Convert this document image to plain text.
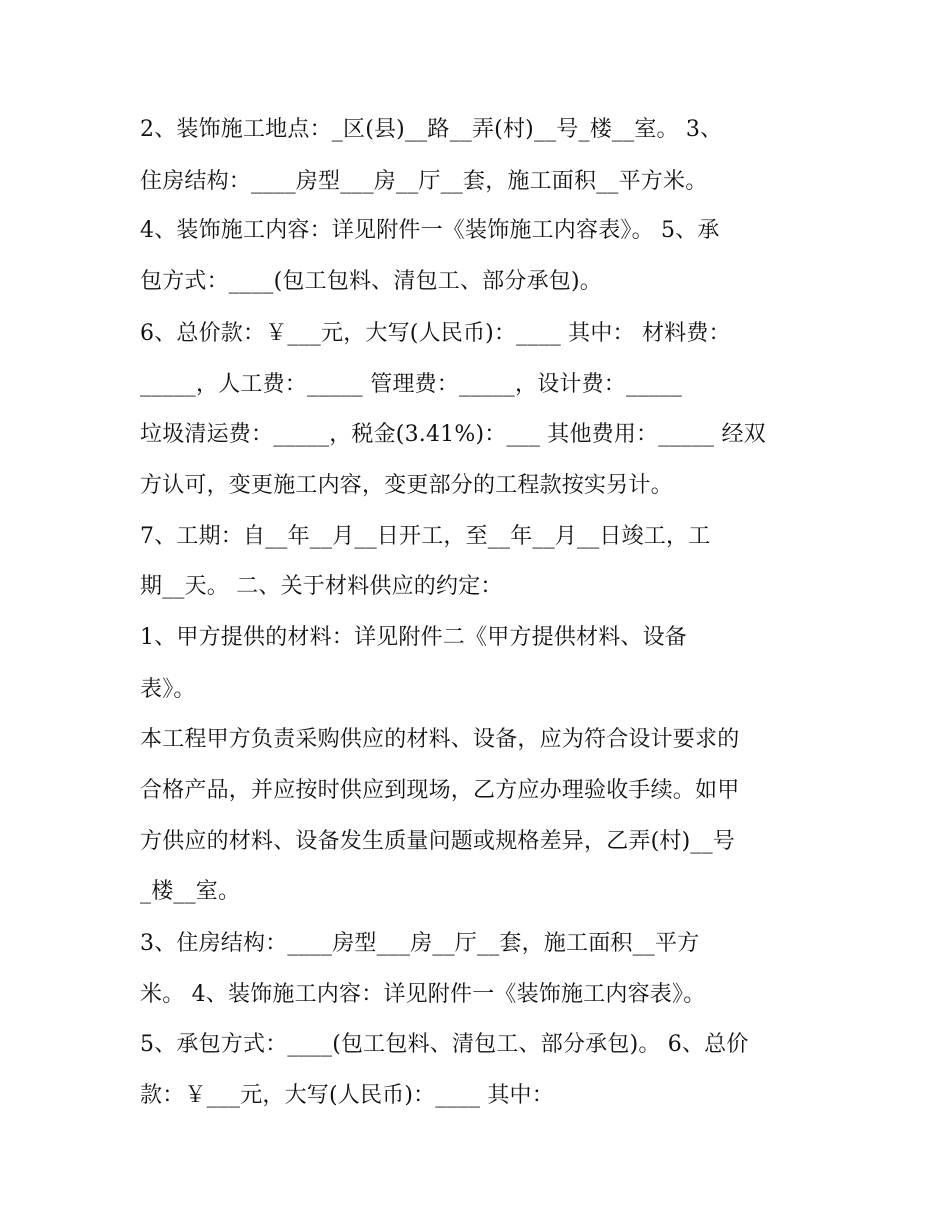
2、装饰施工地点：_区(县)__路__弄(村)__号_楼__室。 3、

住房结构：____房型___房__厅__套，施工面积__平方米。

4、装饰施工内容：详见附件一《装饰施工内容表》。 5、承

包方式：____(包工包料、清包工、部分承包)。

6、总价款：￥___元，大写(人民币)：____ 其中： 材料费：

_____，人工费：_____ 管理费：_____，设计费：_____

垃圾清运费：_____，税金(3.41%)：___ 其他费用：_____ 经双

方认可，变更施工内容，变更部分的工程款按实另计。

7、工期：自__年__月__日开工，至__年__月__日竣工，工

期__天。 二、关于材料供应的约定：

1、甲方提供的材料：详见附件二《甲方提供材料、设备

表》。

本工程甲方负责采购供应的材料、设备，应为符合设计要求的

合格产品，并应按时供应到现场，乙方应办理验收手续。如甲

方供应的材料、设备发生质量问题或规格差异，乙弄(村)__号

_楼__室。

3、住房结构：____房型___房__厅__套，施工面积__平方

米。 4、装饰施工内容：详见附件一《装饰施工内容表》。

5、承包方式：____(包工包料、清包工、部分承包)。 6、总价

款：￥___元，大写(人民币)：____ 其中：
